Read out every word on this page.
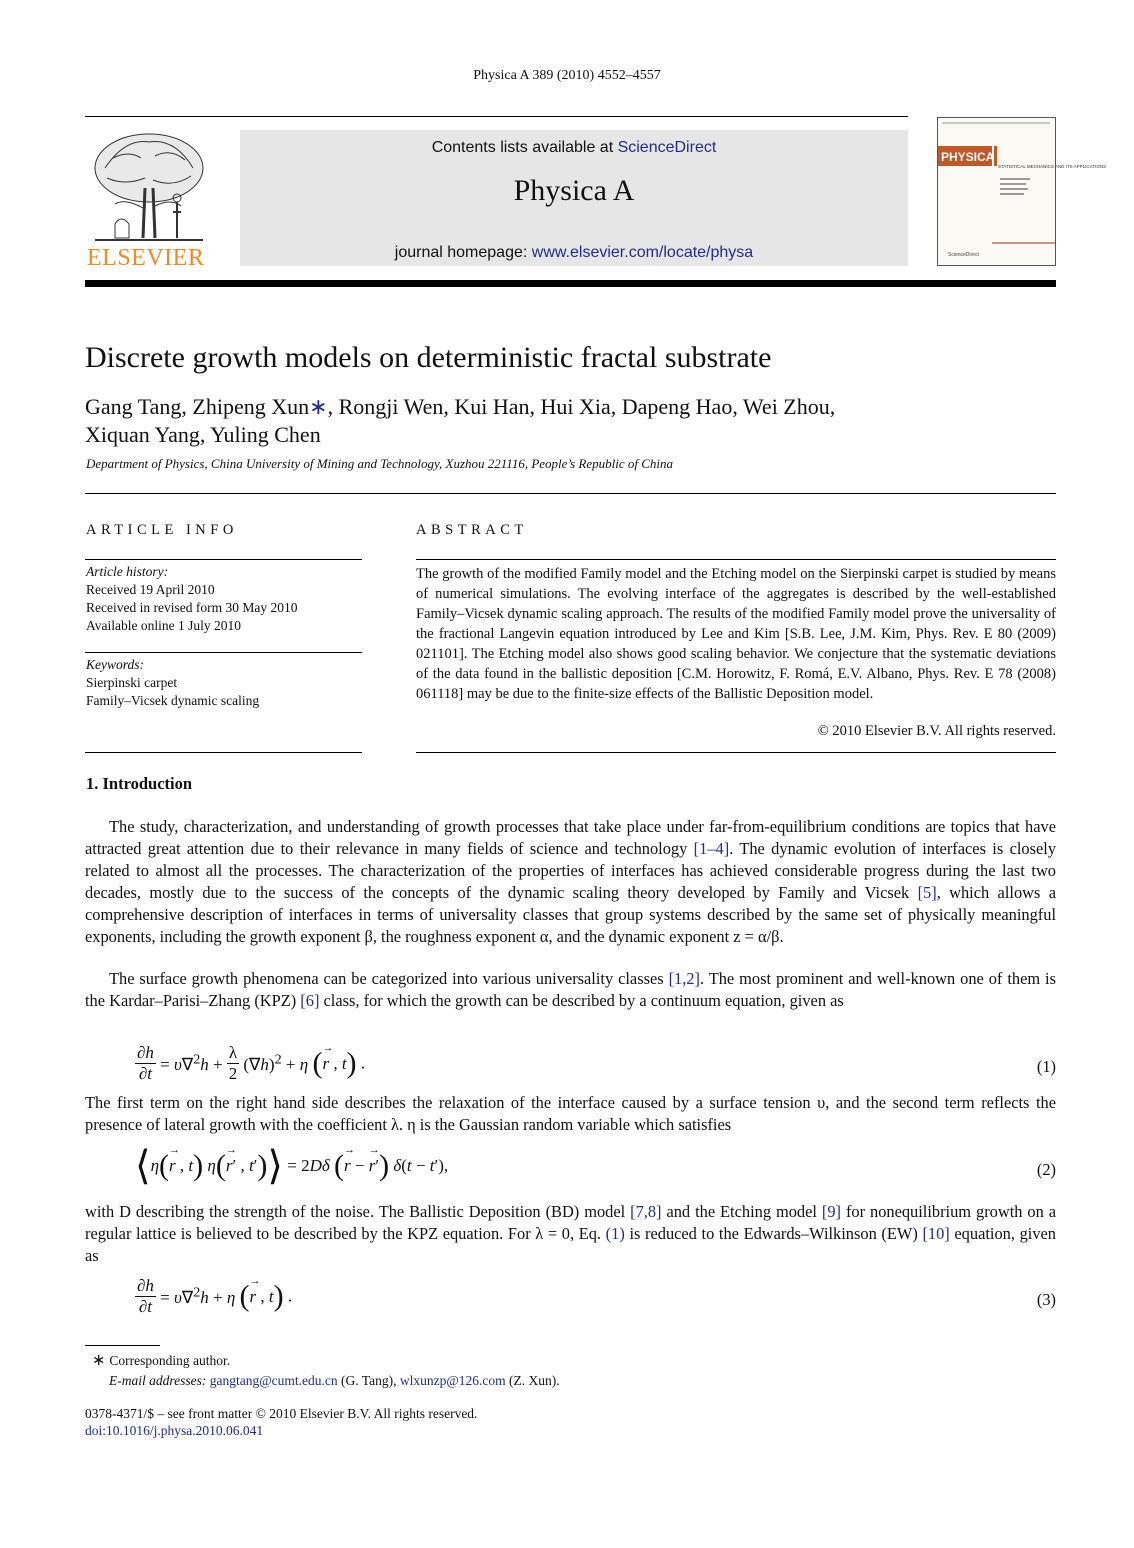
Physica A 389 (2010) 4552–4557
ELSEVIER
Contents lists available at ScienceDirect
Physica A
journal homepage: www.elsevier.com/locate/physa
PHYSICA
STATISTICAL MECHANICS AND ITS APPLICATIONS
ScienceDirect
Discrete growth models on deterministic fractal substrate
Gang Tang, Zhipeng Xun∗, Rongji Wen, Kui Han, Hui Xia, Dapeng Hao, Wei Zhou,
Xiquan Yang, Yuling Chen
Department of Physics, China University of Mining and Technology, Xuzhou 221116, People’s Republic of China
ARTICLE INFO	ABSTRACT
Article history:
Received 19 April 2010
Received in revised form 30 May 2010
Available online 1 July 2010
Keywords:
Sierpinski carpet
Family–Vicsek dynamic scaling
The growth of the modified Family model and the Etching model on the Sierpinski carpet is studied by means of numerical simulations. The evolving interface of the aggregates is described by the well-established Family–Vicsek dynamic scaling approach. The results of the modified Family model prove the universality of the fractional Langevin equation introduced by Lee and Kim [S.B. Lee, J.M. Kim, Phys. Rev. E 80 (2009) 021101]. The Etching model also shows good scaling behavior. We conjecture that the systematic deviations of the data found in the ballistic deposition [C.M. Horowitz, F. Romá, E.V. Albano, Phys. Rev. E 78 (2008) 061118] may be due to the finite-size effects of the Ballistic Deposition model.
© 2010 Elsevier B.V. All rights reserved.
1. Introduction
The study, characterization, and understanding of growth processes that take place under far-from-equilibrium conditions are topics that have attracted great attention due to their relevance in many fields of science and technology [1–4]. The dynamic evolution of interfaces is closely related to almost all the processes. The characterization of the properties of interfaces has achieved considerable progress during the last two decades, mostly due to the success of the concepts of the dynamic scaling theory developed by Family and Vicsek [5], which allows a comprehensive description of interfaces in terms of universality classes that group systems described by the same set of physically meaningful exponents, including the growth exponent β, the roughness exponent α, and the dynamic exponent z = α/β.
The surface growth phenomena can be categorized into various universality classes [1,2]. The most prominent and well-known one of them is the Kardar–Parisi–Zhang (KPZ) [6] class, for which the growth can be described by a continuum equation, given as
$\frac{\partial h}{\partial t} = \upsilon\nabla^2h + \frac{\lambda}{2} (\nabla h)^2 + \eta$ (→ r , t) .	(1)
The first term on the right hand side describes the relaxation of the interface caused by a surface tension υ, and the second term reflects the presence of lateral growth with the coefficient λ. η is the Gaussian random variable which satisfies
⟨η(→ r , t) η(→ r′ , t′)⟩ = 2Dδ (→ r − → r′) δ(t − t′),	(2)
with D describing the strength of the noise. The Ballistic Deposition (BD) model [7,8] and the Etching model [9] for nonequilibrium growth on a regular lattice is believed to be described by the KPZ equation. For λ = 0, Eq. (1) is reduced to the Edwards–Wilkinson (EW) [10] equation, given as
$\frac{\partial h}{\partial t} = \upsilon\nabla^2h + \eta$ (→ r , t) .	(3)
∗ Corresponding author.
E-mail addresses: gangtang@cumt.edu.cn (G. Tang), wlxunzp@126.com (Z. Xun).
0378-4371/$ – see front matter © 2010 Elsevier B.V. All rights reserved.
doi:10.1016/j.physa.2010.06.041
